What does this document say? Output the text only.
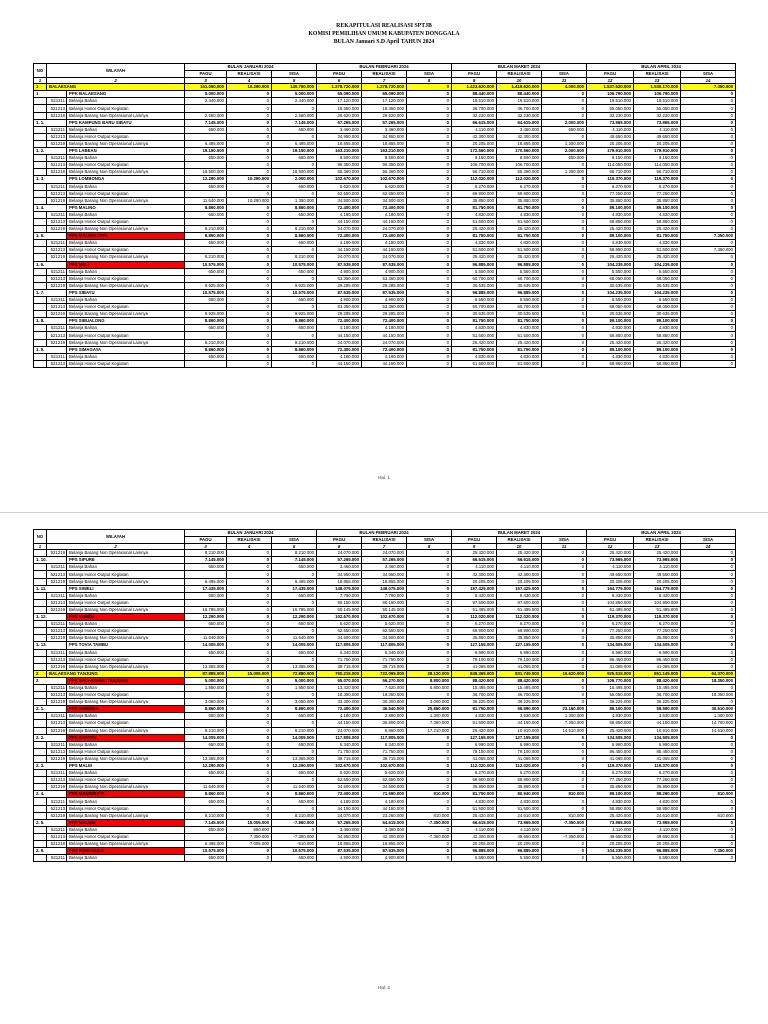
REKAPITULASI REALISASI SPTJB
KOMISI PEMILIHAN UMUM KABUPATEN DONGGALA
BULAN Januari S.D April TAHUN 2024
NO	WILAYAH		BULAN JANUARI 2024			BULAN FEBRUARI 2024			BULAN MARET 2024			BULAN APRIL 2024		
			PAGU	REALISASI	SISA	PAGU	REALISASI	SISA	PAGU	REALISASI	SISA	PAGU	REALISASI	SISA
1	2		3	4	5	6	7	8	9	10	11	12	13	14
1	BALAESANG		151.050.000	10.290.000	140.760.000	1.278.720.000	1.278.720.000	0	1.423.620.000	1.419.620.000	4.000.000	1.537.520.000	1.530.170.000	7.350.000
1		PPK BALAESANG	5.000.000	0	5.000.000	65.090.000	65.090.000	0	88.440.000	88.440.000	0	106.790.000	106.790.000	0
	521211	Belanja Bahan	2.440.000	0	2.440.000	17.120.000	17.120.000	0	19.510.000	19.510.000	0	19.510.000	19.510.000	0
	521213	Belanja Honor Output Kegiatan		0	0	18.350.000	18.350.000	0	36.700.000	36.700.000	0	55.050.000	55.050.000	0
	521219	Belanja Barang Non Operasional Lainnya	2.560.000	0	2.560.000	29.620.000	29.620.000	0	32.230.000	32.230.000	0	32.230.000	32.230.000	0
1. 1.		PPS KAMPUNG BARU SIBAYU	7.145.000	0	7.145.000	57.265.000	57.265.000	0	66.615.000	64.615.000	2.000.000	73.965.000	73.965.000	0
	521211	Belanja Bahan	650.000	0	650.000	3.460.000	3.460.000	0	4.110.000	3.460.000	650.000	4.110.000	4.110.000	0
	521213	Belanja Honor Output Kegiatan		0	0	34.950.000	34.950.000	0	42.300.000	42.300.000	0	49.650.000	49.650.000	0
	521219	Belanja Barang Non Operasional Lainnya	6.495.000	0	6.495.000	18.855.000	18.855.000	0	20.205.000	18.855.000	1.350.000	20.205.000	20.205.000	0
1. 2.		PPS LABEAN	19.150.000	0	19.150.000	163.210.000	163.210.000	0	172.560.000	170.560.000	2.000.000	179.910.000	179.910.000	0
	521211	Belanja Bahan	650.000	0	650.000	8.500.000	8.500.000	0	9.150.000	8.500.000	650.000	9.150.000	9.150.000	0
	521213	Belanja Honor Output Kegiatan		0	0	99.350.000	99.350.000	0	106.700.000	106.700.000	0	114.050.000	114.050.000	0
	521219	Belanja Barang Non Operasional Lainnya	18.500.000	0	18.500.000	55.360.000	55.360.000	0	56.710.000	55.360.000	1.350.000	56.710.000	56.710.000	0
1. 3.		PPS LOMBONGA	12.290.000	10.290.000	2.000.000	102.670.000	102.670.000	0	112.020.000	112.020.000	0	119.370.000	119.370.000	0
	521211	Belanja Bahan	650.000	0	650.000	5.620.000	5.620.000	0	6.270.000	6.270.000	0	6.270.000	6.270.000	0
	521213	Belanja Honor Output Kegiatan		0	0	62.550.000	62.550.000	0	69.900.000	69.900.000	0	77.250.000	77.250.000	0
	521219	Belanja Barang Non Operasional Lainnya	11.640.000	10.290.000	1.350.000	34.500.000	34.500.000	0	35.850.000	35.850.000	0	35.850.000	35.850.000	0
1. 4.		PPS MALINO	8.860.000	0	8.860.000	72.400.000	72.400.000	0	81.750.000	81.750.000	0	89.100.000	89.100.000	0
	521211	Belanja Bahan	650.000	0	650.000	4.180.000	4.180.000	0	4.830.000	4.830.000	0	4.830.000	4.830.000	0
	521213	Belanja Honor Output Kegiatan		0	0	44.150.000	44.150.000	0	51.500.000	51.500.000	0	58.850.000	58.850.000	0
	521219	Belanja Barang Non Operasional Lainnya	8.210.000	0	8.210.000	24.070.000	24.070.000	0	25.420.000	25.420.000	0	25.420.000	25.420.000	0
1. 5.		PPS MALINO JAYA	8.860.000	0	8.860.000	72.400.000	72.400.000	0	81.750.000	81.750.000	0	89.100.000	81.750.000	7.350.000
	521211	Belanja Bahan	650.000	0	650.000	4.180.000	4.180.000	0	4.830.000	4.830.000	0	4.830.000	4.830.000	0
	521213	Belanja Honor Output Kegiatan		0	0	44.150.000	44.150.000	0	51.500.000	51.500.000	0	58.850.000	51.500.000	7.350.000
	521219	Belanja Barang Non Operasional Lainnya	8.210.000	0	8.210.000	24.070.000	24.070.000	0	25.420.000	25.420.000	0	25.420.000	25.420.000	0
1. 6.		PPS MELI	10.575.000	0	10.575.000	87.535.000	87.535.000	0	96.885.000	96.885.000	0	104.235.000	104.235.000	0
	521211	Belanja Bahan	650.000	0	650.000	4.900.000	4.900.000	0	5.550.000	5.550.000	0	5.550.000	5.550.000	0
	521213	Belanja Honor Output Kegiatan		0	0	53.350.000	53.350.000	0	60.700.000	60.700.000	0	68.050.000	68.050.000	0
	521219	Belanja Barang Non Operasional Lainnya	9.925.000	0	9.925.000	29.285.000	29.285.000	0	30.635.000	30.635.000	0	30.635.000	30.635.000	0
1. 7.		PPS SIBAYU	10.575.000	0	10.575.000	87.535.000	87.535.000	0	96.885.000	96.885.000	0	104.235.000	104.235.000	0
	521211	Belanja Bahan	650.000	0	650.000	4.900.000	4.900.000	0	5.550.000	5.550.000	0	5.550.000	5.550.000	0
	521213	Belanja Honor Output Kegiatan		0	0	53.350.000	53.350.000	0	60.700.000	60.700.000	0	68.050.000	68.050.000	0
	521219	Belanja Barang Non Operasional Lainnya	9.925.000	0	9.925.000	29.285.000	29.285.000	0	30.635.000	30.635.000	0	30.635.000	30.635.000	0
1. 8.		PPS SIBUALONG	8.860.000	0	8.860.000	72.400.000	72.400.000	0	81.750.000	81.750.000	0	89.100.000	89.100.000	0
	521211	Belanja Bahan	650.000	0	650.000	4.180.000	4.180.000	0	4.830.000	4.830.000	0	4.830.000	4.830.000	0
	521213	Belanja Honor Output Kegiatan		0	0	44.150.000	44.150.000	0	51.500.000	51.500.000	0	58.850.000	58.850.000	0
	521219	Belanja Barang Non Operasional Lainnya	8.210.000	0	8.210.000	24.070.000	24.070.000	0	25.420.000	25.420.000	0	25.420.000	25.420.000	0
1. 9.		PPS SIMAGAYA	8.860.000	0	8.860.000	72.400.000	72.400.000	0	81.750.000	81.750.000	0	89.100.000	89.100.000	0
	521211	Belanja Bahan	650.000	0	650.000	4.180.000	4.180.000	0	4.830.000	4.830.000	0	4.830.000	4.830.000	0
	521213	Belanja Honor Output Kegiatan		0	0	44.150.000	44.150.000	0	51.500.000	51.500.000	0	58.850.000	58.850.000	0
Hal. 1
NO	WILAYAH		BULAN JANUARI 2024			BULAN FEBRUARI 2024			BULAN MARET 2024			BULAN APRIL 2024		
			PAGU	REALISASI	SISA	PAGU	REALISASI	SISA	PAGU	REALISASI	SISA	PAGU	REALISASI	SISA
1	2		3	4	5	6	7	8	9	10	11	12	13	14
	521219	Belanja Barang Non Operasional Lainnya	8.210.000	0	8.210.000	24.070.000	24.070.000	0	25.420.000	25.420.000	0	25.420.000	25.420.000	0
1. 10.		PPS SIPURE	7.145.000	0	7.145.000	57.265.000	57.265.000	0	66.615.000	66.615.000	0	73.965.000	73.965.000	0
	521211	Belanja Bahan	650.000	0	650.000	3.460.000	3.460.000	0	4.110.000	4.110.000	0	4.110.000	4.110.000	0
	521213	Belanja Honor Output Kegiatan		0	0	34.950.000	34.950.000	0	42.300.000	42.300.000	0	49.650.000	49.650.000	0
	521219	Belanja Barang Non Operasional Lainnya	6.495.000	0	6.495.000	18.855.000	18.855.000	0	20.205.000	20.205.000	0	20.205.000	20.205.000	0
1. 11.		PPS SIWELI	17.435.000	0	17.435.000	148.075.000	148.075.000	0	157.425.000	157.425.000	0	164.775.000	164.775.000	0
	521211	Belanja Bahan	650.000	0	650.000	7.780.000	7.780.000	0	8.430.000	8.430.000	0	8.430.000	8.430.000	0
	521213	Belanja Honor Output Kegiatan		0	0	90.150.000	90.150.000	0	97.500.000	97.500.000	0	104.850.000	104.850.000	0
	521219	Belanja Barang Non Operasional Lainnya	16.785.000	0	16.785.000	50.145.000	50.145.000	0	51.495.000	51.495.000	0	51.495.000	51.495.000	0
1. 12.		PPS TAMBU	12.290.000	0	12.290.000	102.670.000	102.670.000	0	112.020.000	112.020.000	0	119.370.000	119.370.000	0
	521211	Belanja Bahan	650.000	0	650.000	5.620.000	5.620.000	0	6.270.000	6.270.000	0	6.270.000	6.270.000	0
	521213	Belanja Honor Output Kegiatan		0	0	62.550.000	62.550.000	0	69.900.000	69.900.000	0	77.250.000	77.250.000	0
	521219	Belanja Barang Non Operasional Lainnya	11.640.000	0	11.640.000	34.500.000	34.500.000	0	35.850.000	35.850.000	0	35.850.000	35.850.000	0
1. 13.		PPS TOVIA TAMBU	14.005.000	0	14.005.000	117.805.000	117.805.000	0	127.155.000	127.155.000	0	134.505.000	134.505.000	0
	521211	Belanja Bahan	650.000	0	650.000	6.340.000	6.340.000	0	6.990.000	6.990.000	0	6.990.000	6.990.000	0
	521213	Belanja Honor Output Kegiatan		0	0	71.750.000	71.750.000	0	79.100.000	79.100.000	0	86.450.000	86.450.000	0
	521219	Belanja Barang Non Operasional Lainnya	13.355.000	0	13.355.000	39.715.000	39.715.000	0	41.065.000	41.065.000	0	41.065.000	41.065.000	0
2	BALAESANG TANJUNG		87.885.000	15.005.000	72.880.000	750.215.000	722.095.000	28.120.000	848.365.000	831.745.000	16.620.000	925.515.000	861.145.000	64.370.000
2		PPK BALAESANG TANJUNG	5.000.000	0	5.000.000	65.070.000	56.270.000	8.800.000	88.420.000	88.420.000	0	106.770.000	88.420.000	18.350.000
	521211	Belanja Bahan	1.950.000	0	1.950.000	13.420.000	7.620.000	5.800.000	15.495.000	15.495.000	0	15.495.000	15.495.000	0
	521213	Belanja Honor Output Kegiatan		0	0	18.350.000	18.350.000	0	36.700.000	36.700.000	0	55.050.000	36.700.000	18.350.000
	521219	Belanja Barang Non Operasional Lainnya	3.050.000	0	3.050.000	33.300.000	30.300.000	3.000.000	36.225.000	36.225.000	0	36.225.000	36.225.000	0
2. 1.		PPS AMBESIA	8.860.000	0	8.860.000	72.400.000	46.540.000	25.860.000	81.750.000	58.590.000	23.160.000	89.100.000	58.590.000	30.510.000
	521211	Belanja Bahan	650.000	0	650.000	4.180.000	2.880.000	1.300.000	4.830.000	3.530.000	1.300.000	4.830.000	3.530.000	1.300.000
	521213	Belanja Honor Output Kegiatan		0	0	44.150.000	36.800.000	7.350.000	51.500.000	44.150.000	7.350.000	58.850.000	44.150.000	14.700.000
	521219	Belanja Barang Non Operasional Lainnya	8.210.000	0	8.210.000	24.070.000	6.860.000	17.210.000	25.420.000	10.910.000	14.510.000	25.420.000	10.910.000	14.510.000
2. 2.		PPS KATOPU	14.005.000	0	14.005.000	117.805.000	117.805.000	0	127.155.000	127.155.000	0	134.505.000	134.505.000	0
	521211	Belanja Bahan	650.000	0	650.000	6.340.000	6.340.000	0	6.990.000	6.990.000	0	6.990.000	6.990.000	0
	521213	Belanja Honor Output Kegiatan		0	0	71.750.000	71.750.000	0	79.100.000	79.100.000	0	86.450.000	86.450.000	0
	521219	Belanja Barang Non Operasional Lainnya	13.355.000	0	13.355.000	39.715.000	39.715.000	0	41.065.000	41.065.000	0	41.065.000	41.065.000	0
2. 3.		PPS MALEI	12.290.000	0	12.290.000	102.670.000	102.670.000	0	112.020.000	112.020.000	0	119.370.000	119.370.000	0
	521211	Belanja Bahan	650.000	0	650.000	5.620.000	5.620.000	0	6.270.000	6.270.000	0	6.270.000	6.270.000	0
	521213	Belanja Honor Output Kegiatan		0	0	62.550.000	62.550.000	0	69.900.000	69.900.000	0	77.250.000	77.250.000	0
	521219	Belanja Barang Non Operasional Lainnya	11.640.000	0	11.640.000	34.500.000	34.500.000	0	35.850.000	35.850.000	0	35.850.000	35.850.000	0
2. 4.		PPS MANIMBAYA	8.860.000	0	8.860.000	72.400.000	71.590.000	810.000	81.750.000	80.940.000	810.000	89.100.000	88.290.000	810.000
	521211	Belanja Bahan	650.000	0	650.000	4.180.000	4.180.000	0	4.830.000	4.830.000	0	4.830.000	4.830.000	0
	521213	Belanja Honor Output Kegiatan		0	0	44.150.000	44.150.000	0	51.500.000	51.500.000	0	58.850.000	58.850.000	0
	521219	Belanja Barang Non Operasional Lainnya	8.210.000	0	8.210.000	24.070.000	23.260.000	810.000	25.420.000	24.610.000	810.000	25.420.000	24.610.000	810.000
2. 5.		PPS MALUBI	7.145.000	15.005.000	-7.860.000	57.265.000	64.615.000	-7.350.000	66.615.000	73.965.000	-7.350.000	73.965.000	73.965.000	0
	521211	Belanja Bahan	650.000	650.000	0	3.460.000	3.460.000	0	4.110.000	4.110.000	0	4.110.000	4.110.000	0
	521213	Belanja Honor Output Kegiatan		7.350.000	-7.350.000	34.950.000	42.300.000	-7.350.000	42.300.000	49.650.000	-7.350.000	49.650.000	49.650.000	0
	521219	Belanja Barang Non Operasional Lainnya	6.495.000	7.005.000	-510.000	18.855.000	18.855.000	0	20.205.000	20.205.000	0	20.205.000	20.205.000	0
2. 6.		PPS PONGGULU	10.575.000	0	10.575.000	87.535.000	87.535.000	0	96.885.000	96.885.000	0	104.235.000	96.885.000	7.350.000
	521211	Belanja Bahan	650.000	0	650.000	4.900.000	4.900.000	0	5.550.000	5.550.000	0	5.550.000	5.550.000	0
Hal. 2
